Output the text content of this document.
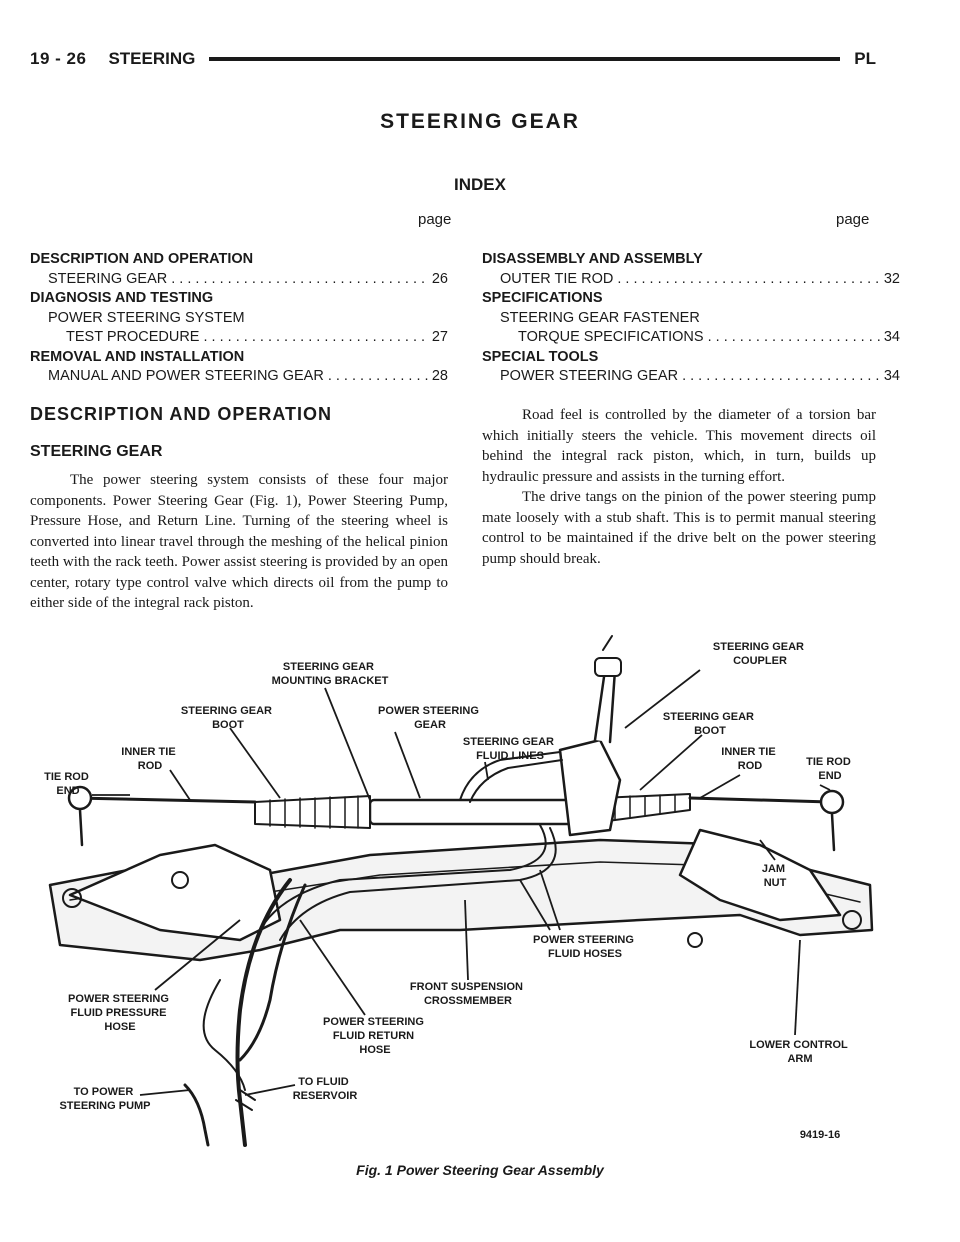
19 - 26 STEERING	PL
STEERING GEAR
INDEX
page	page
DESCRIPTION AND OPERATION
STEERING GEAR . . .	26
DIAGNOSIS AND TESTING
POWER STEERING SYSTEM
TEST PROCEDURE . . .	27
REMOVAL AND INSTALLATION
MANUAL AND POWER STEERING GEAR . . .	28
DISASSEMBLY AND ASSEMBLY
OUTER TIE ROD . . .	32
SPECIFICATIONS
STEERING GEAR FASTENER
TORQUE SPECIFICATIONS . . .	34
SPECIAL TOOLS
POWER STEERING GEAR . . .	34
DESCRIPTION AND OPERATION
STEERING GEAR

The power steering system consists of these four major components. Power Steering Gear (Fig. 1), Power Steering Pump, Pressure Hose, and Return Line. Turning of the steering wheel is converted into linear travel through the meshing of the helical pinion teeth with the rack teeth. Power assist steering is provided by an open center, rotary type control valve which directs oil from the pump to either side of the integral rack piston.

Road feel is controlled by the diameter of a torsion bar which initially steers the vehicle. This movement directs oil behind the integral rack piston, which, in turn, builds up hydraulic pressure and assists in the turning effort.

The drive tangs on the pinion of the power steering pump mate loosely with a stub shaft. This is to permit manual steering control to be maintained if the drive belt on the power steering pump should break.

STEERING GEAR MOUNTING BRACKET
STEERING GEAR COUPLER
POWER STEERING GEAR
STEERING GEAR BOOT
STEERING GEAR BOOT
STEERING GEAR FLUID LINES
INNER TIE ROD
INNER TIE ROD
TIE ROD END
TIE ROD END
JAM NUT
POWER STEERING FLUID HOSES
FRONT SUSPENSION CROSSMEMBER
POWER STEERING FLUID PRESSURE HOSE	POWER STEERING FLUID RETURN HOSE	LOWER CONTROL ARM
TO POWER STEERING PUMP
TO FLUID RESERVOIR
9419-16
Fig. 1 Power Steering Gear Assembly
